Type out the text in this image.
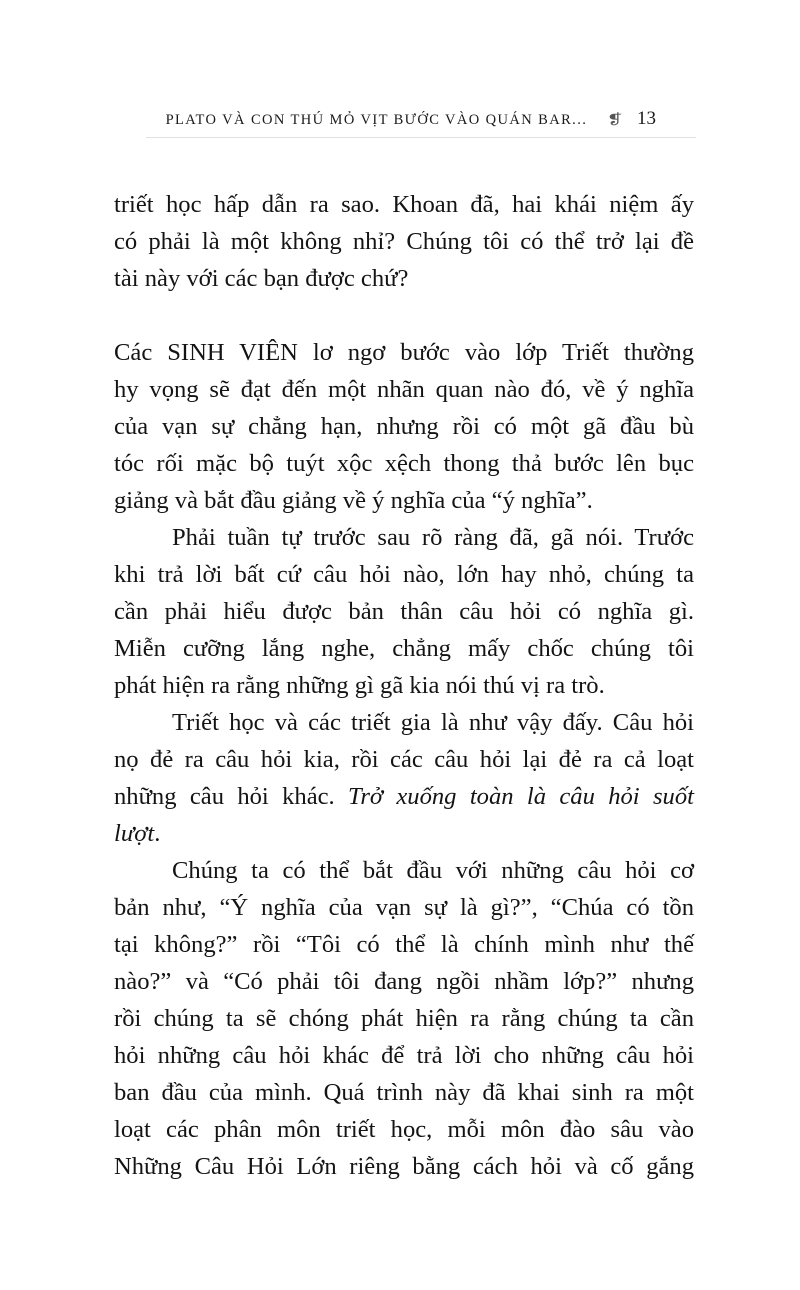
PLATO VÀ CON THÚ MỎ VỊT BƯỚC VÀO QUÁN BAR... ❡ 13

triết học hấp dẫn ra sao. Khoan đã, hai khái niệm ấy
có phải là một không nhỉ? Chúng tôi có thể trở lại đề
tài này với các bạn được chứ?

Các SINH VIÊN lơ ngơ bước vào lớp Triết thường
hy vọng sẽ đạt đến một nhãn quan nào đó, về ý nghĩa
của vạn sự chẳng hạn, nhưng rồi có một gã đầu bù
tóc rối mặc bộ tuýt xộc xệch thong thả bước lên bục
giảng và bắt đầu giảng về ý nghĩa của “ý nghĩa”.

Phải tuần tự trước sau rõ ràng đã, gã nói. Trước
khi trả lời bất cứ câu hỏi nào, lớn hay nhỏ, chúng ta
cần phải hiểu được bản thân câu hỏi có nghĩa gì.
Miễn cưỡng lắng nghe, chẳng mấy chốc chúng tôi
phát hiện ra rằng những gì gã kia nói thú vị ra trò.

Triết học và các triết gia là như vậy đấy. Câu hỏi
nọ đẻ ra câu hỏi kia, rồi các câu hỏi lại đẻ ra cả loạt
những câu hỏi khác. Trở xuống toàn là câu hỏi suốt
lượt.

Chúng ta có thể bắt đầu với những câu hỏi cơ
bản như, “Ý nghĩa của vạn sự là gì?”, “Chúa có tồn
tại không?” rồi “Tôi có thể là chính mình như thế
nào?” và “Có phải tôi đang ngồi nhầm lớp?” nhưng
rồi chúng ta sẽ chóng phát hiện ra rằng chúng ta cần
hỏi những câu hỏi khác để trả lời cho những câu hỏi
ban đầu của mình. Quá trình này đã khai sinh ra một
loạt các phân môn triết học, mỗi môn đào sâu vào
Những Câu Hỏi Lớn riêng bằng cách hỏi và cố gắng
